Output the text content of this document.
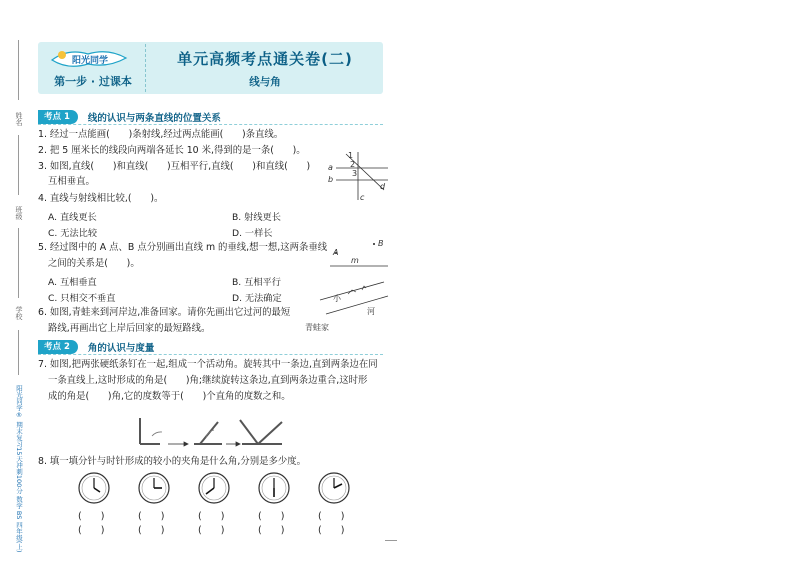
姓名
班级
学校
阳光同学® 期末复习15天冲刺100分 数学 BS 四年级(上)
阳光同学
第一步 · 过课本
单元高频考点通关卷(二)
线与角
考点 1	线的认识与两条直线的位置关系
1. 经过一点能画(　　)条射线,经过两点能画(　　)条直线。
2. 把 5 厘米长的线段向两端各延长 10 米,得到的是一条(　　)。
3. 如图,直线(　　)和直线(　　)互相平行,直线(　　)和直线(　　)
互相垂直。
1
2
3
a
b
c
d
4. 直线与射线相比较,(　　)。
A. 直线更长	B. 射线更长
C. 无法比较	D. 一样长
5. 经过图中的 A 点、B 点分别画出直线 m 的垂线,想一想,这两条垂线
之间的关系是(　　)。
A
B
m
A. 互相垂直	B. 互相平行
C. 只相交不垂直	D. 无法确定
6. 如图,青蛙来到河岸边,准备回家。请你先画出它过河的最短
路线,再画出它上岸后回家的最短路线。
小
河
青蛙家
考点 2	角的认识与度量
7. 如图,把两张硬纸条钉在一起,组成一个活动角。旋转其中一条边,直到两条边在同
一条直线上,这时形成的角是(　　)角;继续旋转这条边,直到两条边重合,这时形
成的角是(　　)角,它的度数等于(　　)个直角的度数之和。
8. 填一填分针与时针形成的较小的夹角是什么角,分别是多少度。
(　　)	(　　)	(　　)	(　　)	(　　)
(　　)	(　　)	(　　)	(　　)	(　　)
